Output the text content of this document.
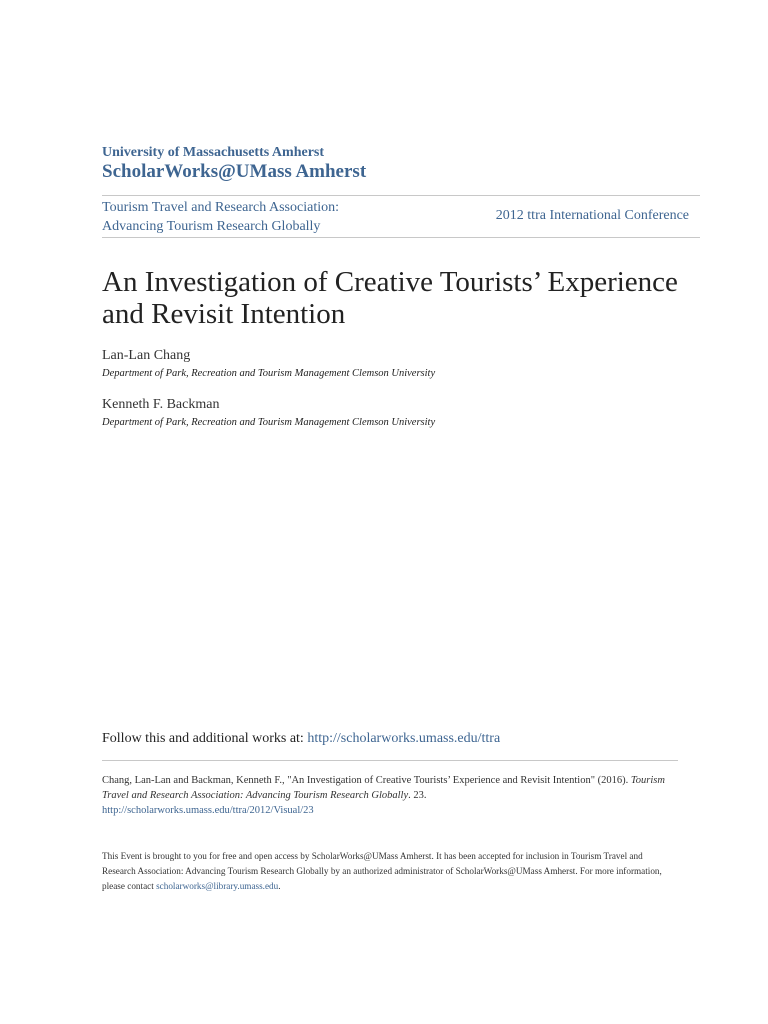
University of Massachusetts Amherst
ScholarWorks@UMass Amherst
Tourism Travel and Research Association:
Advancing Tourism Research Globally
2012 ttra International Conference
An Investigation of Creative Tourists’ Experience and Revisit Intention
Lan-Lan Chang
Department of Park, Recreation and Tourism Management Clemson University
Kenneth F. Backman
Department of Park, Recreation and Tourism Management Clemson University
Follow this and additional works at: http://scholarworks.umass.edu/ttra
Chang, Lan-Lan and Backman, Kenneth F., "An Investigation of Creative Tourists’ Experience and Revisit Intention" (2016). Tourism Travel and Research Association: Advancing Tourism Research Globally. 23.
http://scholarworks.umass.edu/ttra/2012/Visual/23
This Event is brought to you for free and open access by ScholarWorks@UMass Amherst. It has been accepted for inclusion in Tourism Travel and Research Association: Advancing Tourism Research Globally by an authorized administrator of ScholarWorks@UMass Amherst. For more information, please contact scholarworks@library.umass.edu.
